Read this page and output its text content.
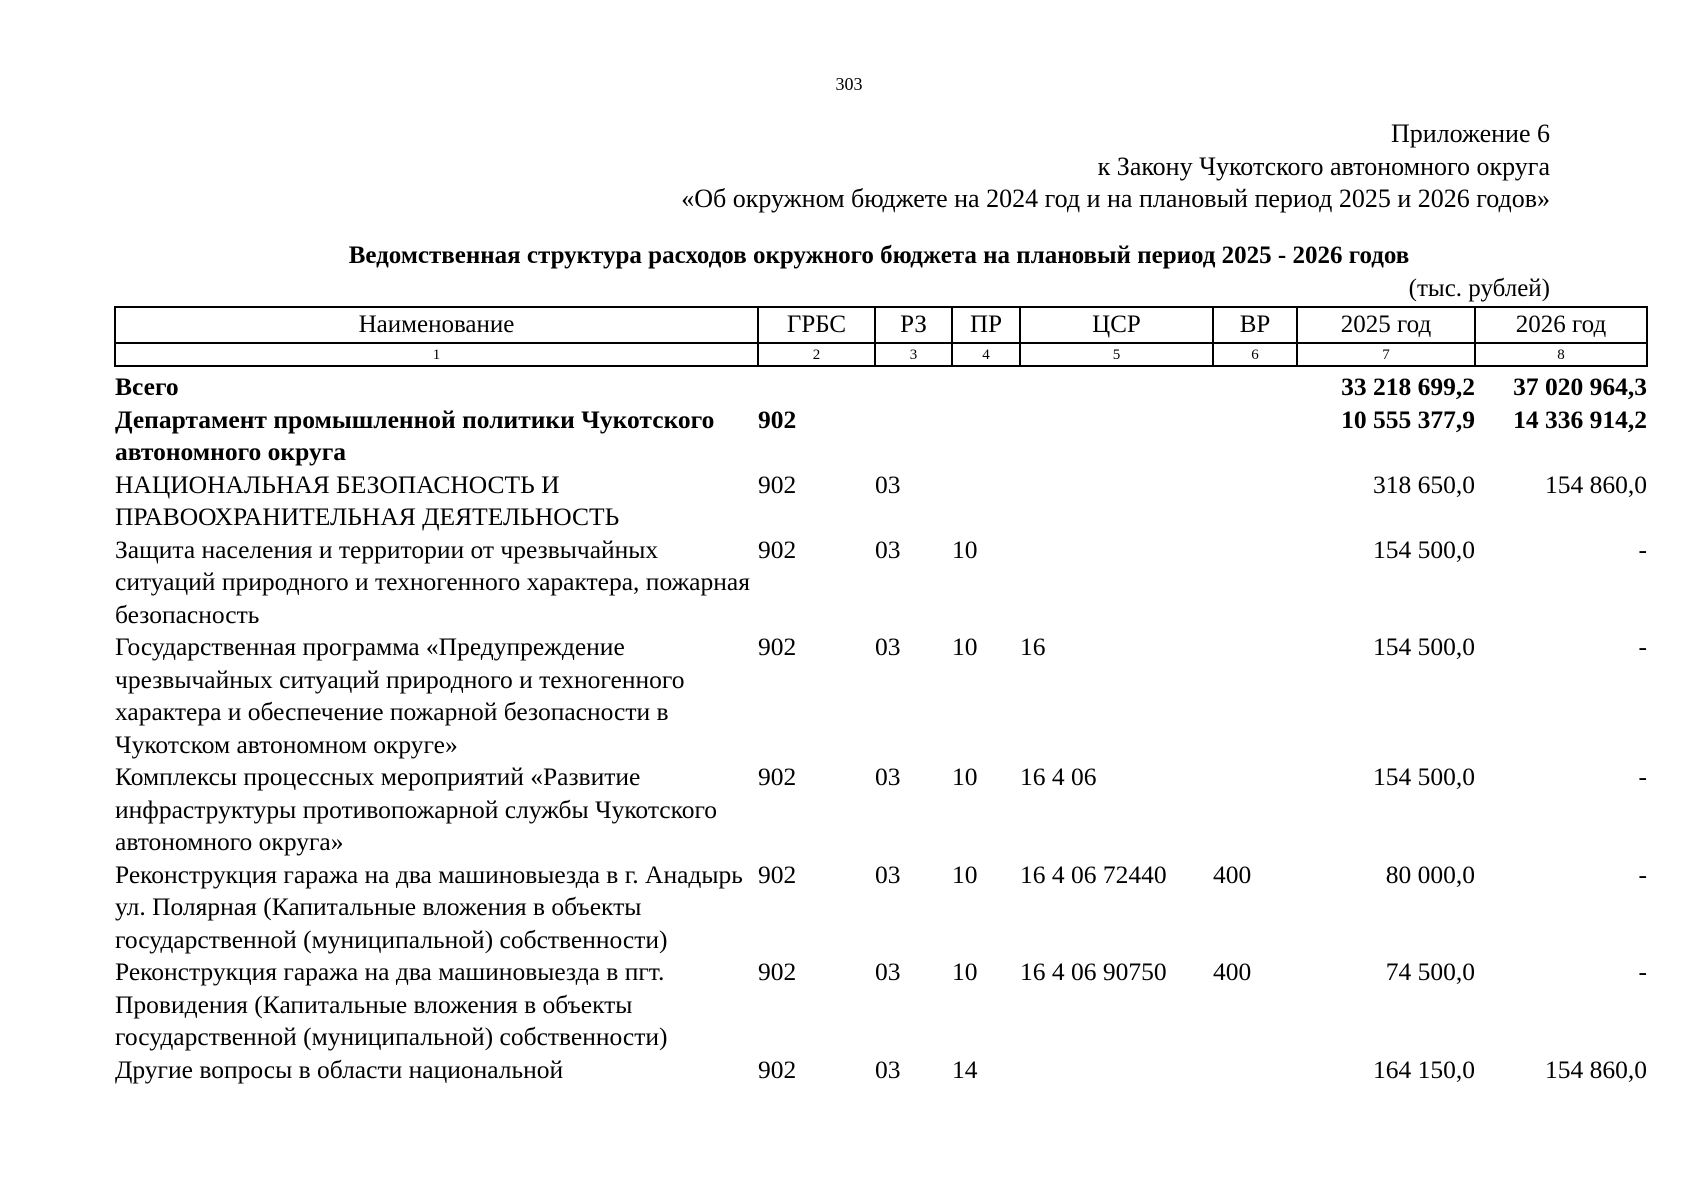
303
Приложение 6
к Закону Чукотского автономного округа
«Об окружном бюджете на 2024 год и на плановый период 2025 и 2026 годов»
Ведомственная структура расходов окружного бюджета на плановый период 2025 - 2026 годов
(тыс. рублей)
Наименование	ГРБС	РЗ	ПР	ЦСР	ВР	2025 год	2026 год
1	2	3	4	5	6	7	8
Всего						33 218 699,2	37 020 964,3
Департамент промышленной политики Чукотского автономного округа	902					10 555 377,9	14 336 914,2
НАЦИОНАЛЬНАЯ БЕЗОПАСНОСТЬ И ПРАВООХРАНИТЕЛЬНАЯ ДЕЯТЕЛЬНОСТЬ	902	03				318 650,0	154 860,0
Защита населения и территории от чрезвычайных ситуаций природного и техногенного характера, пожарная безопасность	902	03	10			154 500,0	-
Государственная программа «Предупреждение чрезвычайных ситуаций природного и техногенного характера и обеспечение пожарной безопасности в Чукотском автономном округе»	902	03	10	16		154 500,0	-
Комплексы процессных мероприятий «Развитие инфраструктуры противопожарной службы Чукотского автономного округа»	902	03	10	16 4 06		154 500,0	-
Реконструкция гаража на два машиновыезда в г. Анадырь ул. Полярная (Капитальные вложения в объекты государственной (муниципальной) собственности)	902	03	10	16 4 06 72440	400	80 000,0	-
Реконструкция гаража на два машиновыезда в пгт. Провидения (Капитальные вложения в объекты государственной (муниципальной) собственности)	902	03	10	16 4 06 90750	400	74 500,0	-
Другие вопросы в области национальной	902	03	14			164 150,0	154 860,0
